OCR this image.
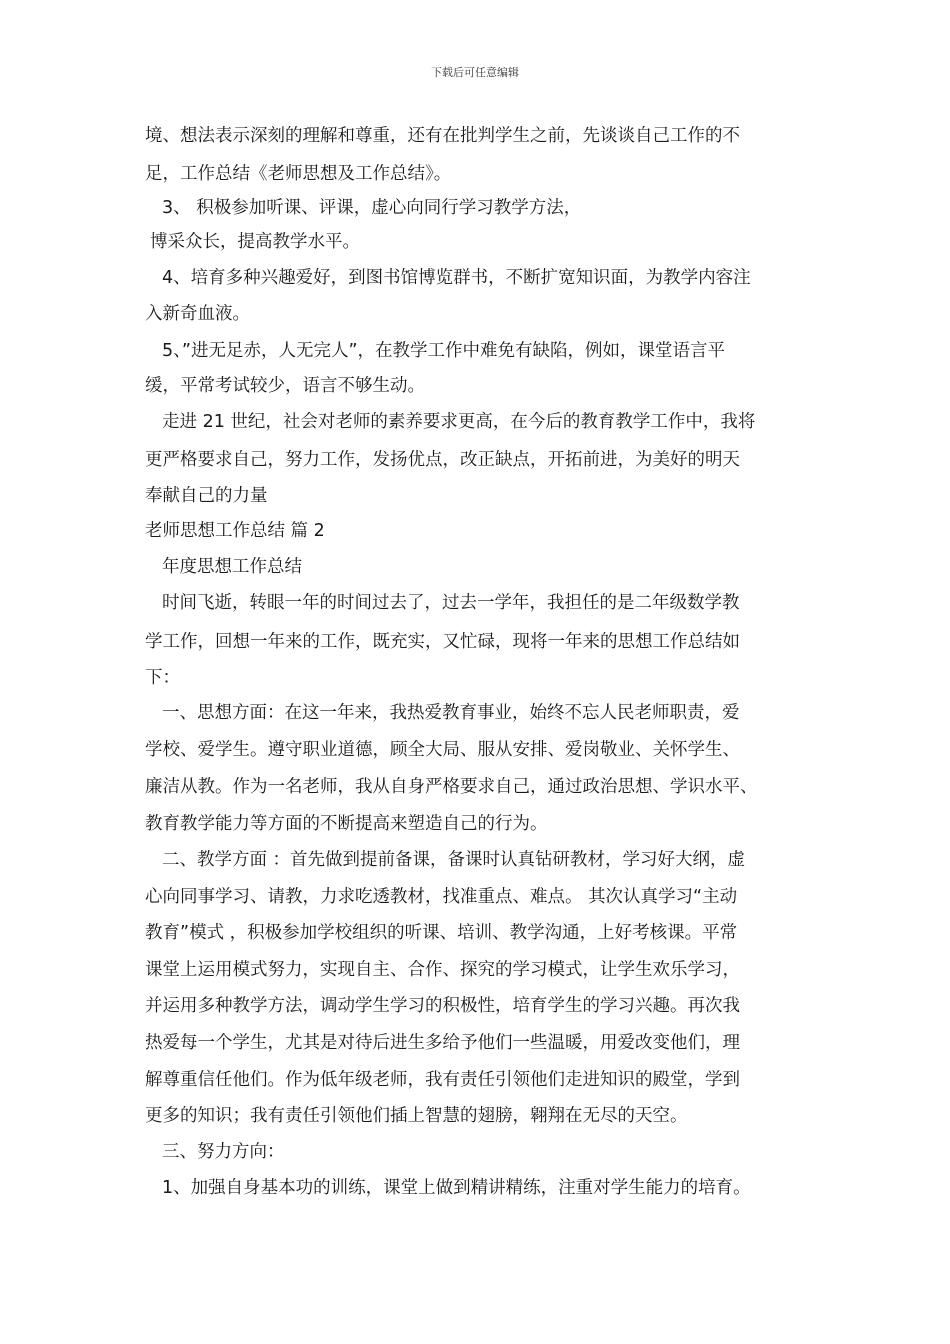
下载后可任意编辑
境、想法表示深刻的理解和尊重，还有在批判学生之前，先谈谈自己工作的不
足，工作总结《老师思想及工作总结》。
3、 积极参加听课、评课，虚心向同行学习教学方法，
博采众长，提高教学水平。
4、培育多种兴趣爱好，到图书馆博览群书，不断扩宽知识面，为教学内容注
入新奇血液。
5、”进无足赤，人无完人”，在教学工作中难免有缺陷，例如，课堂语言平
缓，平常考试较少，语言不够生动。
走进 21 世纪，社会对老师的素养要求更高，在今后的教育教学工作中，我将
更严格要求自己，努力工作，发扬优点，改正缺点，开拓前进，为美好的明天
奉献自己的力量
老师思想工作总结 篇 2
年度思想工作总结
时间飞逝，转眼一年的时间过去了，过去一学年，我担任的是二年级数学教
学工作，回想一年来的工作，既充实，又忙碌，现将一年来的思想工作总结如
下：
一、思想方面：在这一年来，我热爱教育事业，始终不忘人民老师职责，爱
学校、爱学生。遵守职业道德，顾全大局、服从安排、爱岗敬业、关怀学生、
廉洁从教。作为一名老师，我从自身严格要求自己，通过政治思想、学识水平、
教育教学能力等方面的不断提高来塑造自己的行为。
二、教学方面 ：首先做到提前备课，备课时认真钻研教材，学习好大纲，虚
心向同事学习、请教，力求吃透教材，找准重点、难点。 其次认真学习“主动
教育”模式 ，积极参加学校组织的听课、培训、教学沟通，上好考核课。平常
课堂上运用模式努力，实现自主、合作、探究的学习模式，让学生欢乐学习，
并运用多种教学方法，调动学生学习的积极性，培育学生的学习兴趣。再次我
热爱每一个学生，尤其是对待后进生多给予他们一些温暖，用爱改变他们，理
解尊重信任他们。作为低年级老师，我有责任引领他们走进知识的殿堂，学到
更多的知识；我有责任引领他们插上智慧的翅膀，翱翔在无尽的天空。
三、努力方向：
1、加强自身基本功的训练，课堂上做到精讲精练，注重对学生能力的培育。
